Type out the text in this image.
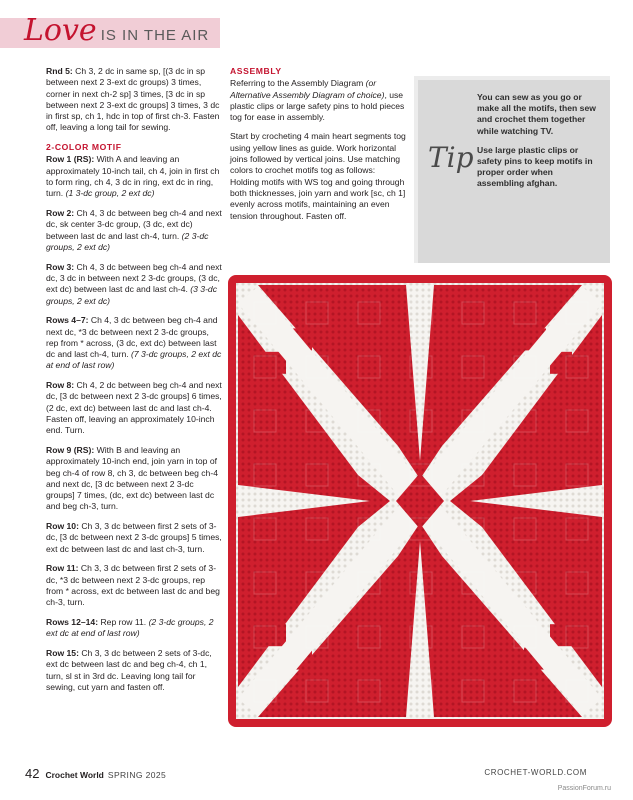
Love IS IN THE AIR

Rnd 5: Ch 3, 2 dc in same sp, [(3 dc in sp between next 2 3-ext dc groups) 3 times, corner in next ch-2 sp] 3 times, [3 dc in sp between next 2 3-ext dc groups] 3 times, 3 dc in first sp, ch 1, hdc in top of first ch-3. Fasten off, leaving a long tail for sewing.

2-COLOR MOTIF

Row 1 (RS): With A and leaving an approximately 10-inch tail, ch 4, join in first ch to form ring, ch 4, 3 dc in ring, ext dc in ring, turn. (1 3-dc group, 2 ext dc)

Row 2: Ch 4, 3 dc between beg ch-4 and next dc, sk center 3-dc group, (3 dc, ext dc) between last dc and last ch-4, turn. (2 3-dc groups, 2 ext dc)

Row 3: Ch 4, 3 dc between beg ch-4 and next dc, 3 dc in between next 2 3-dc groups, (3 dc, ext dc) between last dc and last ch-4. (3 3-dc groups, 2 ext dc)

Rows 4–7: Ch 4, 3 dc between beg ch-4 and next dc, *3 dc between next 2 3-dc groups, rep from * across, (3 dc, ext dc) between last dc and last ch-4, turn. (7 3-dc groups, 2 ext dc at end of last row)

Row 8: Ch 4, 2 dc between beg ch-4 and next dc, [3 dc between next 2 3-dc groups] 6 times, (2 dc, ext dc) between last dc and last ch-4. Fasten off, leaving an approximately 10-inch end. Turn.

Row 9 (RS): With B and leaving an approximately 10-inch end, join yarn in top of beg ch-4 of row 8, ch 3, dc between beg ch-4 and next dc, [3 dc between next 2 3-dc groups] 7 times, (dc, ext dc) between last dc and beg ch-3, turn.

Row 10: Ch 3, 3 dc between first 2 sets of 3-dc, [3 dc between next 2 3-dc groups] 5 times, ext dc between last dc and last ch-3, turn.

Row 11: Ch 3, 3 dc between first 2 sets of 3-dc, *3 dc between next 2 3-dc groups, rep from * across, ext dc between last dc and beg ch-3, turn.

Rows 12–14: Rep row 11. (2 3-dc groups, 2 ext dc at end of last row)

Row 15: Ch 3, 3 dc between 2 sets of 3-dc, ext dc between last dc and beg ch-4, ch 1, turn, sl st in 3rd dc. Leaving long tail for sewing, cut yarn and fasten off.

ASSEMBLY

Referring to the Assembly Diagram (or Alternative Assembly Diagram of choice), use plastic clips or large safety pins to hold pieces tog for ease in assembly.

Start by crocheting 4 main heart segments tog using yellow lines as guide. Work horizontal joins followed by vertical joins. Use matching colors to crochet motifs tog as follows: Holding motifs with WS tog and going through both thicknesses, join yarn and work [sc, ch 1] evenly across motifs, maintaining an even tension throughout. Fasten off.

Tip

You can sew as you go or make all the motifs, then sew and crochet them together while watching TV.

Use large plastic clips or safety pins to keep motifs in proper order when assembling afghan.

42 Crochet World SPRING 2025	CROCHET-WORLD.COM
PassionForum.ru
